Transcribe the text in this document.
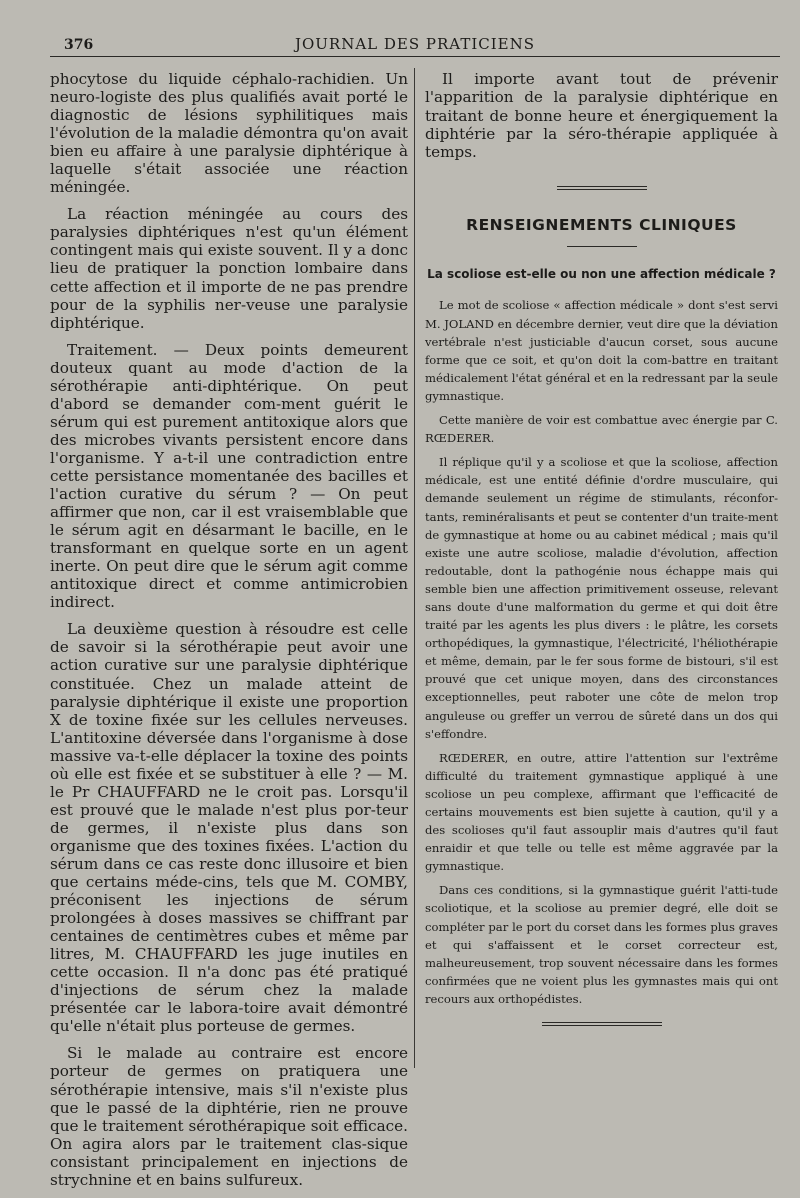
376	JOURNAL DES PRATICIENS

phocytose du liquide céphalo-rachidien. Un neuro-logiste des plus qualifiés avait porté le diagnostic de lésions syphilitiques mais l'évolution de la maladie démontra qu'on avait bien eu affaire à une paralysie diphtérique à laquelle s'était associée une réaction méningée.

La réaction méningée au cours des paralysies diphtériques n'est qu'un élément contingent mais qui existe souvent. Il y a donc lieu de pratiquer la ponction lombaire dans cette affection et il importe de ne pas prendre pour de la syphilis ner-veuse une paralysie diphtérique.

Traitement. — Deux points demeurent douteux quant au mode d'action de la sérothérapie anti-diphtérique. On peut d'abord se demander com-ment guérit le sérum qui est purement antitoxique alors que des microbes vivants persistent encore dans l'organisme. Y a-t-il une contradiction entre cette persistance momentanée des bacilles et l'action curative du sérum ? — On peut affirmer que non, car il est vraisemblable que le sérum agit en désarmant le bacille, en le transformant en quelque sorte en un agent inerte. On peut dire que le sérum agit comme antitoxique direct et comme antimicrobien indirect.

La deuxième question à résoudre est celle de savoir si la sérothérapie peut avoir une action curative sur une paralysie diphtérique constituée. Chez un malade atteint de paralysie diphtérique il existe une proportion X de toxine fixée sur les cellules nerveuses. L'antitoxine déversée dans l'organisme à dose massive va-t-elle déplacer la toxine des points où elle est fixée et se substituer à elle ? — M. le Pr CHAUFFARD ne le croit pas. Lorsqu'il est prouvé que le malade n'est plus por-teur de germes, il n'existe plus dans son organisme que des toxines fixées. L'action du sérum dans ce cas reste donc illusoire et bien que certains méde-cins, tels que M. COMBY, préconisent les injections de sérum prolongées à doses massives se chiffrant par centaines de centimètres cubes et même par litres, M. CHAUFFARD les juge inutiles en cette occasion. Il n'a donc pas été pratiqué d'injections de sérum chez la malade présentée car le labora-toire avait démontré qu'elle n'était plus porteuse de germes.

Si le malade au contraire est encore porteur de germes on pratiquera une sérothérapie intensive, mais s'il n'existe plus que le passé de la diphtérie, rien ne prouve que le traitement sérothérapique soit efficace. On agira alors par le traitement clas-sique consistant principalement en injections de strychnine et en bains sulfureux.

Il importe avant tout de prévenir l'apparition de la paralysie diphtérique en traitant de bonne heure et énergiquement la diphtérie par la séro-thérapie appliquée à temps.

RENSEIGNEMENTS CLINIQUES
La scoliose est-elle ou non une affection médicale ?

Le mot de scoliose « affection médicale » dont s'est servi M. JOLAND en décembre dernier, veut dire que la déviation vertébrale n'est justiciable d'aucun corset, sous aucune forme que ce soit, et qu'on doit la com-battre en traitant médicalement l'état général et en la redressant par la seule gymnastique.

Cette manière de voir est combattue avec énergie par C. RŒDERER.

Il réplique qu'il y a scoliose et que la scoliose, affection médicale, est une entité définie d'ordre musculaire, qui demande seulement un régime de stimulants, réconfor-tants, reminéralisants et peut se contenter d'un traite-ment de gymnastique at home ou au cabinet médical ; mais qu'il existe une autre scoliose, maladie d'évolution, affection redoutable, dont la pathogénie nous échappe mais qui semble bien une affection primitivement osseuse, relevant sans doute d'une malformation du germe et qui doit être traité par les agents les plus divers : le plâtre, les corsets orthopédiques, la gymnastique, l'électricité, l'héliothérapie et même, demain, par le fer sous forme de bistouri, s'il est prouvé que cet unique moyen, dans des circonstances exceptionnelles, peut raboter une côte de melon trop anguleuse ou greffer un verrou de sûreté dans un dos qui s'effondre.

RŒDERER, en outre, attire l'attention sur l'extrême difficulté du traitement gymnastique appliqué à une scoliose un peu complexe, affirmant que l'efficacité de certains mouvements est bien sujette à caution, qu'il y a des scolioses qu'il faut assouplir mais d'autres qu'il faut enraidir et que telle ou telle est même aggravée par la gymnastique.

Dans ces conditions, si la gymnastique guérit l'atti-tude scoliotique, et la scoliose au premier degré, elle doit se compléter par le port du corset dans les formes plus graves et qui s'affaissent et le corset correcteur est, malheureusement, trop souvent nécessaire dans les formes confirmées que ne voient plus les gymnastes mais qui ont recours aux orthopédistes.
